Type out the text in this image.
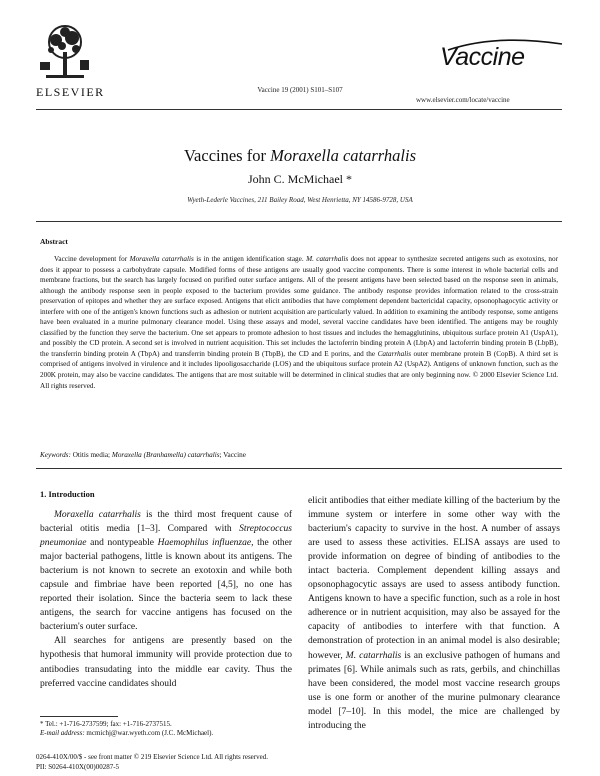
ELSEVIER	Vaccine 19 (2001) S101–S107
Vaccine
www.elsevier.com/locate/vaccine
Vaccines for Moraxella catarrhalis
John C. McMichael *
Wyeth-Lederle Vaccines, 211 Bailey Road, West Henrietta, NY 14586-9728, USA
Abstract
Vaccine development for Moraxella catarrhalis is in the antigen identification stage. M. catarrhalis does not appear to synthesize secreted antigens such as exotoxins, nor does it appear to possess a carbohydrate capsule. Modified forms of these antigens are usually good vaccine components. There is some interest in whole bacterial cells and membrane fractions, but the search has largely focused on purified outer surface antigens. All of the present antigens have been selected based on the response seen in animals, although the antibody response seen in people exposed to the bacterium provides some guidance. The antibody response provides information related to the cross-strain preservation of epitopes and whether they are surface exposed. Antigens that elicit antibodies that have complement dependent bactericidal capacity, opsonophagocytic activity or interfere with one of the antigen's known functions such as adhesion or nutrient acquisition are particularly valued. In addition to examining the antibody response, some antigens have been evaluated in a murine pulmonary clearance model. Using these assays and model, several vaccine candidates have been identified. The antigens may be roughly classified by the function they serve the bacterium. One set appears to promote adhesion to host tissues and includes the hemagglutinins, ubiquitous surface protein A1 (UspA1), and possibly the CD protein. A second set is involved in nutrient acquisition. This set includes the lactoferrin binding protein A (LbpA) and lactoferrin binding protein B (LbpB), the transferrin binding protein A (TbpA) and transferrin binding protein B (TbpB), the CD and E porins, and the Catarrhalis outer membrane protein B (CopB). A third set is comprised of antigens involved in virulence and it includes lipooligosaccharide (LOS) and the ubiquitous surface protein A2 (UspA2). Antigens of unknown function, such as the 200K protein, may also be vaccine candidates. The antigens that are most suitable will be determined in clinical studies that are only beginning now. © 2000 Elsevier Science Ltd. All rights reserved.
Keywords: Otitis media; Moraxella (Branhamella) catarrhalis; Vaccine
1. Introduction

Moraxella catarrhalis is the third most frequent cause of bacterial otitis media [1–3]. Compared with Streptococcus pneumoniae and nontypeable Haemophilus influenzae, the other major bacterial pathogens, little is known about its antigens. The bacterium is not known to secrete an exotoxin and while both capsule and fimbriae have been reported [4,5], no one has reported their isolation. Since the bacteria seem to lack these antigens, the search for vaccine antigens has focused on the bacterium's outer surface.

All searches for antigens are presently based on the hypothesis that humoral immunity will provide protection due to antibodies transudating into the middle ear cavity. Thus the preferred vaccine candidates should

elicit antibodies that either mediate killing of the bacterium by the immune system or interfere in some other way with the bacterium's capacity to survive in the host. A number of assays are used to assess these activities. ELISA assays are used to provide information on degree of binding of antibodies to the intact bacteria. Complement dependent killing assays and opsonophagocytic assays are used to assess antibody function. Antigens known to have a specific function, such as a role in host adherence or in nutrient acquisition, may also be assayed for the capacity of antibodies to interfere with that function. A demonstration of protection in an animal model is also desirable; however, M. catarrhalis is an exclusive pathogen of humans and primates [6]. While animals such as rats, gerbils, and chinchillas have been considered, the model most vaccine research groups use is one form or another of the murine pulmonary clearance model [7–10]. In this model, the mice are challenged by introducing the

* Tel.: +1-716-2737599; fax: +1-716-2737515.
E-mail address: mcmichj@war.wyeth.com (J.C. McMichael).
0264-410X/00/$ - see front matter © 219 Elsevier Science Ltd. All rights reserved.
PII: S0264-410X(00)00287-5
